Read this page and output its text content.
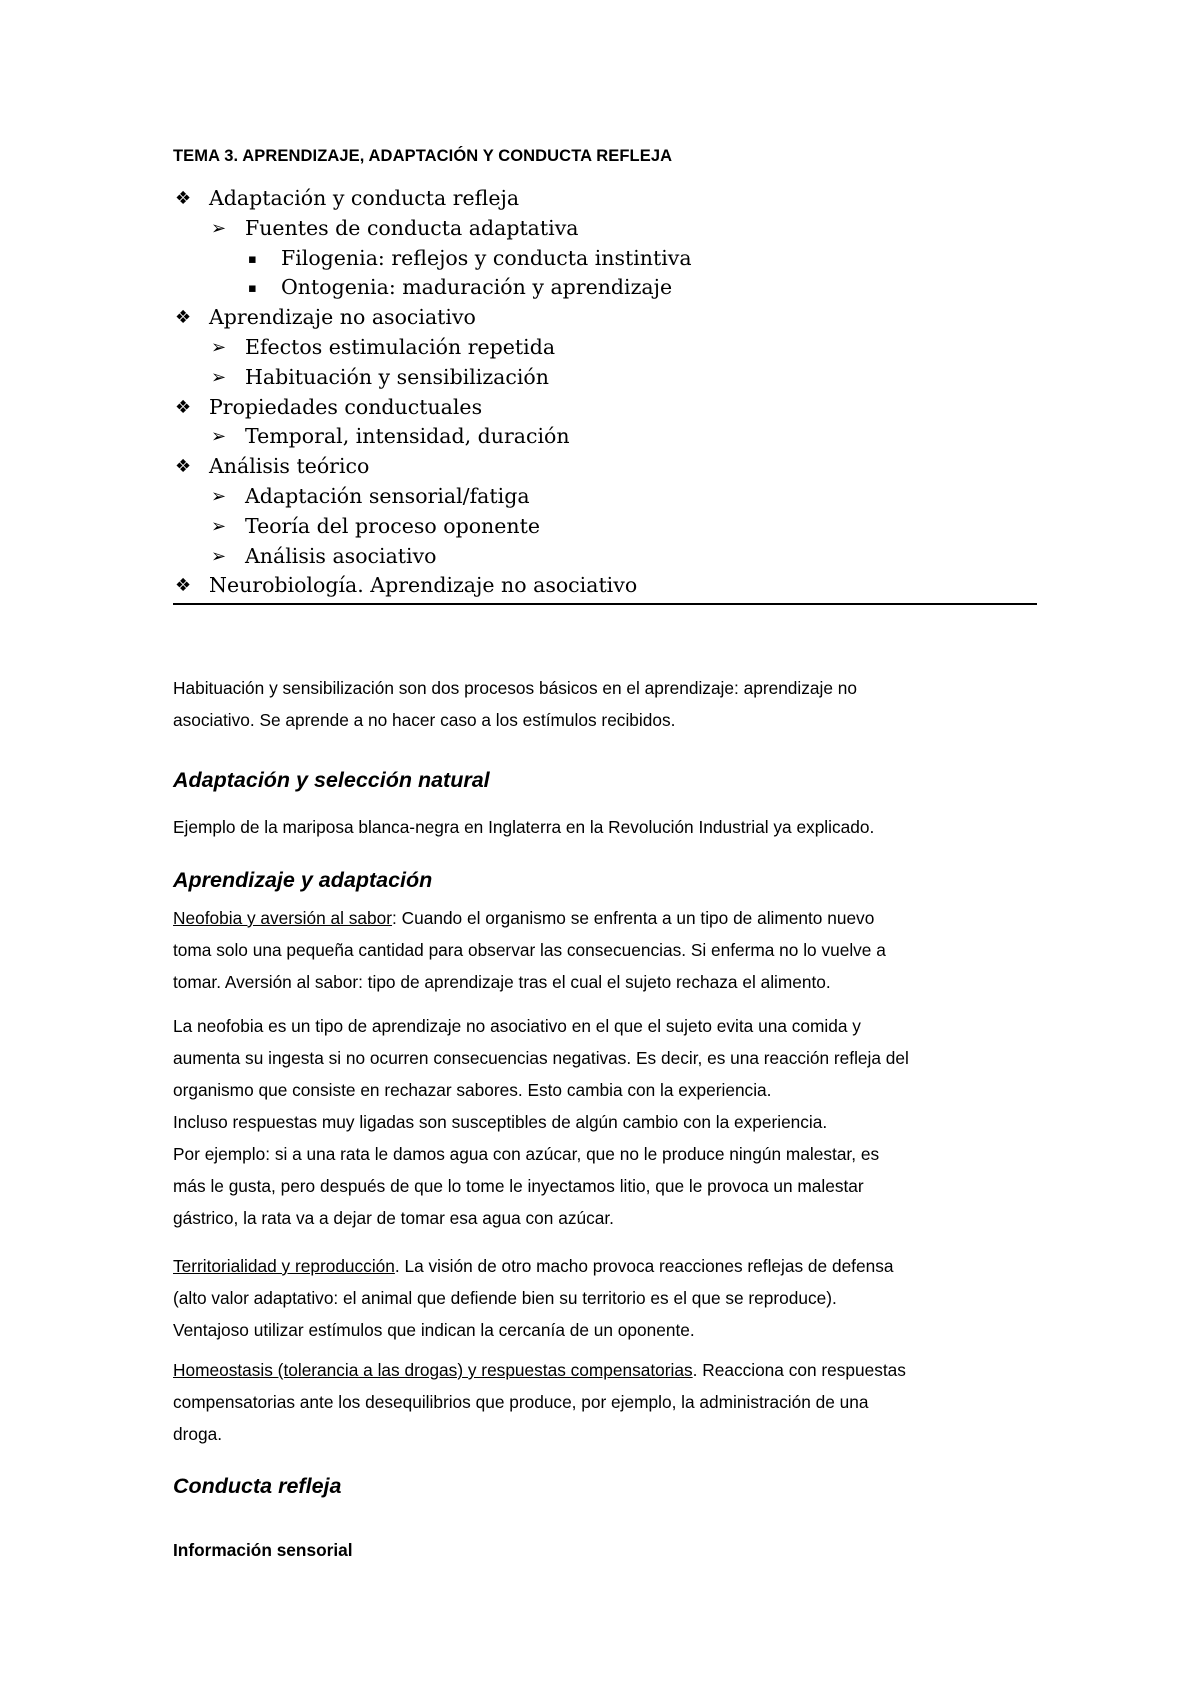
TEMA 3. APRENDIZAJE, ADAPTACIÓN Y CONDUCTA REFLEJA
❖ Adaptación y conducta refleja
➢ Fuentes de conducta adaptativa
▪ Filogenia: reflejos y conducta instintiva
▪ Ontogenia: maduración y aprendizaje
❖ Aprendizaje no asociativo
➢ Efectos estimulación repetida
➢ Habituación y sensibilización
❖ Propiedades conductuales
➢ Temporal, intensidad, duración
❖ Análisis teórico
➢ Adaptación sensorial/fatiga
➢ Teoría del proceso oponente
➢ Análisis asociativo
❖ Neurobiología. Aprendizaje no asociativo

Habituación y sensibilización son dos procesos básicos en el aprendizaje: aprendizaje no
asociativo. Se aprende a no hacer caso a los estímulos recibidos.

Adaptación y selección natural

Ejemplo de la mariposa blanca-negra en Inglaterra en la Revolución Industrial ya explicado.

Aprendizaje y adaptación

Neofobia y aversión al sabor: Cuando el organismo se enfrenta a un tipo de alimento nuevo
toma solo una pequeña cantidad para observar las consecuencias. Si enferma no lo vuelve a
tomar. Aversión al sabor: tipo de aprendizaje tras el cual el sujeto rechaza el alimento.

La neofobia es un tipo de aprendizaje no asociativo en el que el sujeto evita una comida y
aumenta su ingesta si no ocurren consecuencias negativas. Es decir, es una reacción refleja del
organismo que consiste en rechazar sabores. Esto cambia con la experiencia.
Incluso respuestas muy ligadas son susceptibles de algún cambio con la experiencia.
Por ejemplo: si a una rata le damos agua con azúcar, que no le produce ningún malestar, es
más le gusta, pero después de que lo tome le inyectamos litio, que le provoca un malestar
gástrico, la rata va a dejar de tomar esa agua con azúcar.

Territorialidad y reproducción. La visión de otro macho provoca reacciones reflejas de defensa
(alto valor adaptativo: el animal que defiende bien su territorio es el que se reproduce).
Ventajoso utilizar estímulos que indican la cercanía de un oponente.

Homeostasis (tolerancia a las drogas) y respuestas compensatorias. Reacciona con respuestas
compensatorias ante los desequilibrios que produce, por ejemplo, la administración de una
droga.

Conducta refleja
Información sensorial
